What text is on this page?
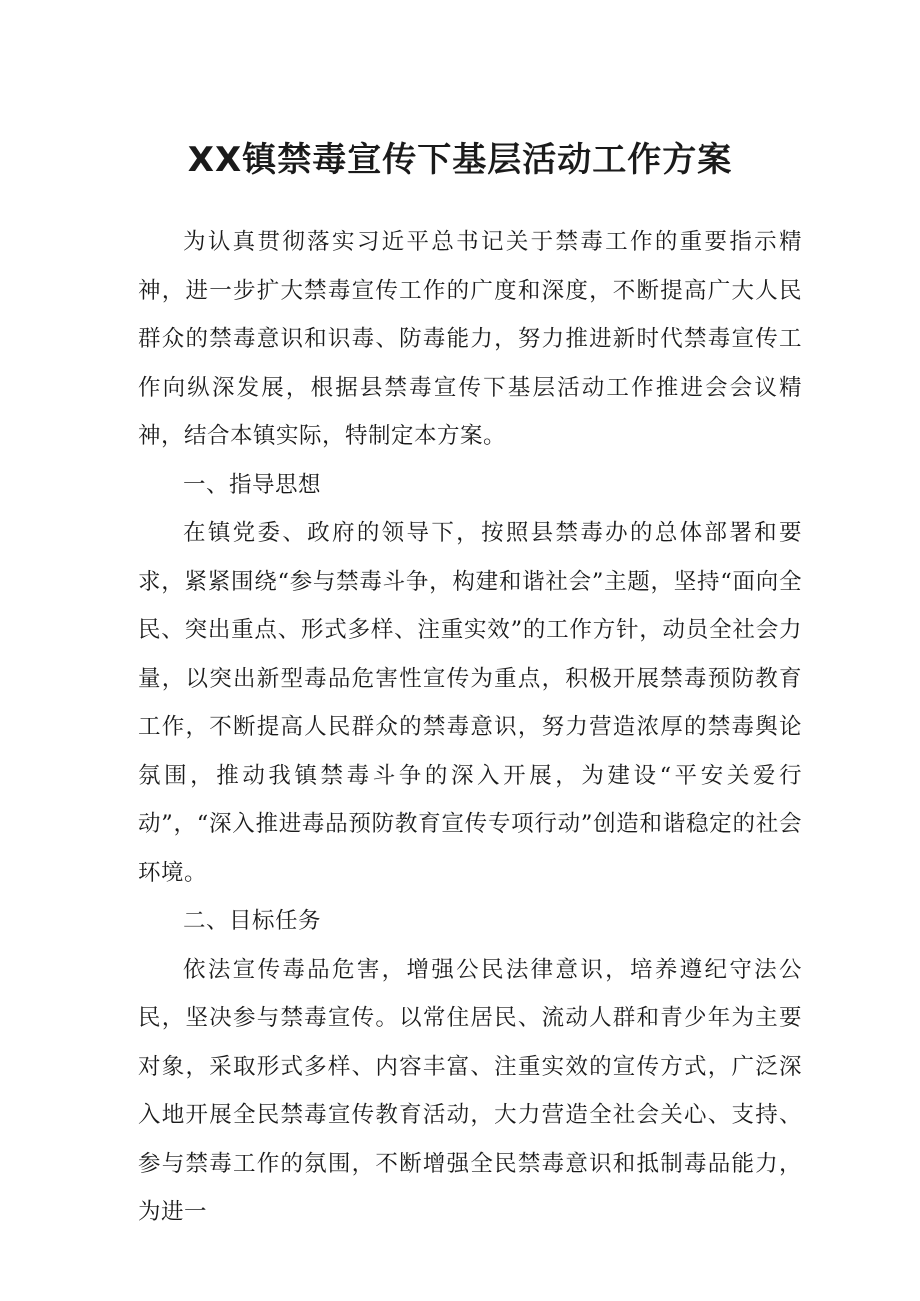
XX镇禁毒宣传下基层活动工作方案

为认真贯彻落实习近平总书记关于禁毒工作的重要指示精神，进一步扩大禁毒宣传工作的广度和深度，不断提高广大人民群众的禁毒意识和识毒、防毒能力，努力推进新时代禁毒宣传工作向纵深发展，根据县禁毒宣传下基层活动工作推进会会议精神，结合本镇实际，特制定本方案。

一、指导思想

在镇党委、政府的领导下，按照县禁毒办的总体部署和要求，紧紧围绕“参与禁毒斗争，构建和谐社会”主题，坚持“面向全民、突出重点、形式多样、注重实效”的工作方针，动员全社会力量，以突出新型毒品危害性宣传为重点，积极开展禁毒预防教育工作，不断提高人民群众的禁毒意识，努力营造浓厚的禁毒舆论氛围，推动我镇禁毒斗争的深入开展，为建设“平安关爱行动”，“深入推进毒品预防教育宣传专项行动”创造和谐稳定的社会环境。

二、目标任务

依法宣传毒品危害，增强公民法律意识，培养遵纪守法公民，坚决参与禁毒宣传。以常住居民、流动人群和青少年为主要对象，采取形式多样、内容丰富、注重实效的宣传方式，广泛深入地开展全民禁毒宣传教育活动，大力营造全社会关心、支持、参与禁毒工作的氛围，不断增强全民禁毒意识和抵制毒品能力，为进一
